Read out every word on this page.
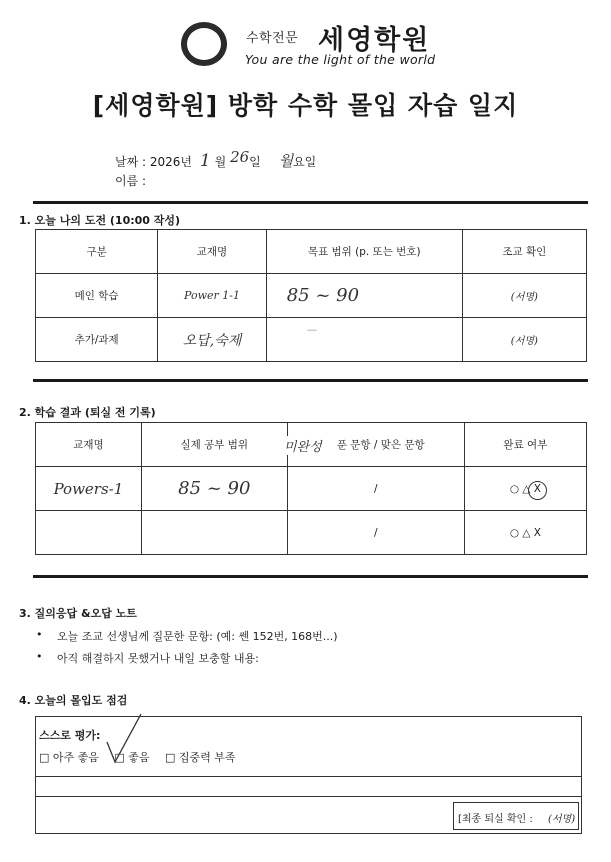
수학전문 세영학원
You are the light of the world
[세영학원] 방학 수학 몰입 자습 일지
날짜 : 2026년 1 월 26일 월요일
이름 :
1. 오늘 나의 도전 (10:00 작성)
구분	교재명	목표 범위 (p. 또는 번호)	조교 확인
메인 학습	Power 1-1	85 ~ 90	(서명)
추가/과제	오답,숙제	—	(서명)
2. 학습 결과 (퇴실 전 기록)
교재명	실제 공부 범위	푼 문항 / 맞은 문항	완료 여부
Powers-1	85 ~ 90	/	○ △ X
		/	○ △ X
미완성
3. 질의응답 &오답 노트
• 오늘 조교 선생님께 질문한 문항: (예: 쎈 152번, 168번...)
• 아직 해결하지 못했거나 내일 보충할 내용:
4. 오늘의 몰입도 점검
스스로 평가:
□ 아주 좋음 □ 좋음 □ 집중력 부족
[최종 퇴실 확인 : (서명)
